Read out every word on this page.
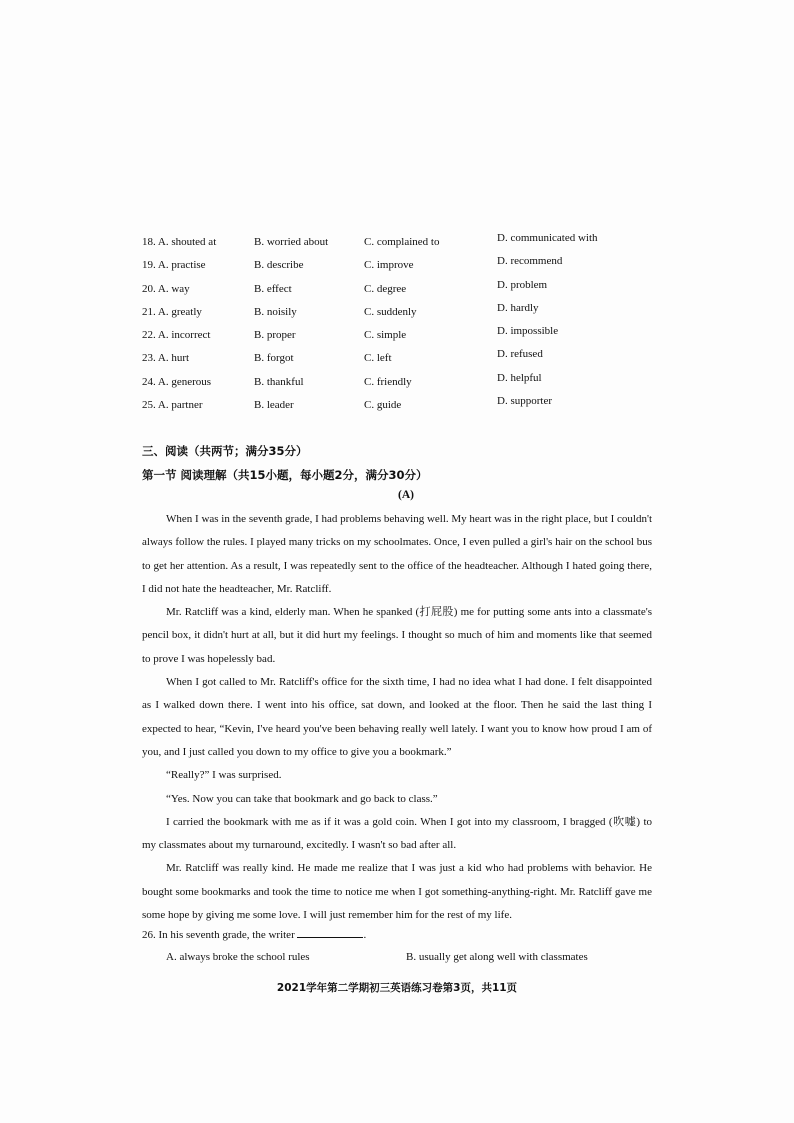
18. A. shouted at	B. worried about	C. complained to	D. communicated with
19. A. practise	B. describe	C. improve	D. recommend
20. A. way	B. effect	C. degree	D. problem
21. A. greatly	B. noisily	C. suddenly	D. hardly
22. A. incorrect	B. proper	C. simple	D. impossible
23. A. hurt	B. forgot	C. left	D. refused
24. A. generous	B. thankful	C. friendly	D. helpful
25. A. partner	B. leader	C. guide	D. supporter
三、阅读（共两节；满分35分）
第一节 阅读理解（共15小题，每小题2分，满分30分）
(A)

When I was in the seventh grade, I had problems behaving well. My heart was in the right place, but I couldn't always follow the rules. I played many tricks on my schoolmates. Once, I even pulled a girl's hair on the school bus to get her attention. As a result, I was repeatedly sent to the office of the headteacher. Although I hated going there, I did not hate the headteacher, Mr. Ratcliff.

Mr. Ratcliff was a kind, elderly man. When he spanked (打屁股) me for putting some ants into a classmate's pencil box, it didn't hurt at all, but it did hurt my feelings. I thought so much of him and moments like that seemed to prove I was hopelessly bad.

When I got called to Mr. Ratcliff's office for the sixth time, I had no idea what I had done. I felt disappointed as I walked down there. I went into his office, sat down, and looked at the floor. Then he said the last thing I expected to hear, “Kevin, I've heard you've been behaving really well lately. I want you to know how proud I am of you, and I just called you down to my office to give you a bookmark.”

“Really?” I was surprised.

“Yes. Now you can take that bookmark and go back to class.”

I carried the bookmark with me as if it was a gold coin. When I got into my classroom, I bragged (吹嘘) to my classmates about my turnaround, excitedly. I wasn't so bad after all.

Mr. Ratcliff was really kind. He made me realize that I was just a kid who had problems with behavior. He bought some bookmarks and took the time to notice me when I got something-anything-right. Mr. Ratcliff gave me some hope by giving me some love. I will just remember him for the rest of my life.

26. In his seventh grade, the writer	.
A. always broke the school rules	B. usually get along well with classmates
2021学年第二学期初三英语练习卷第3页，共11页
